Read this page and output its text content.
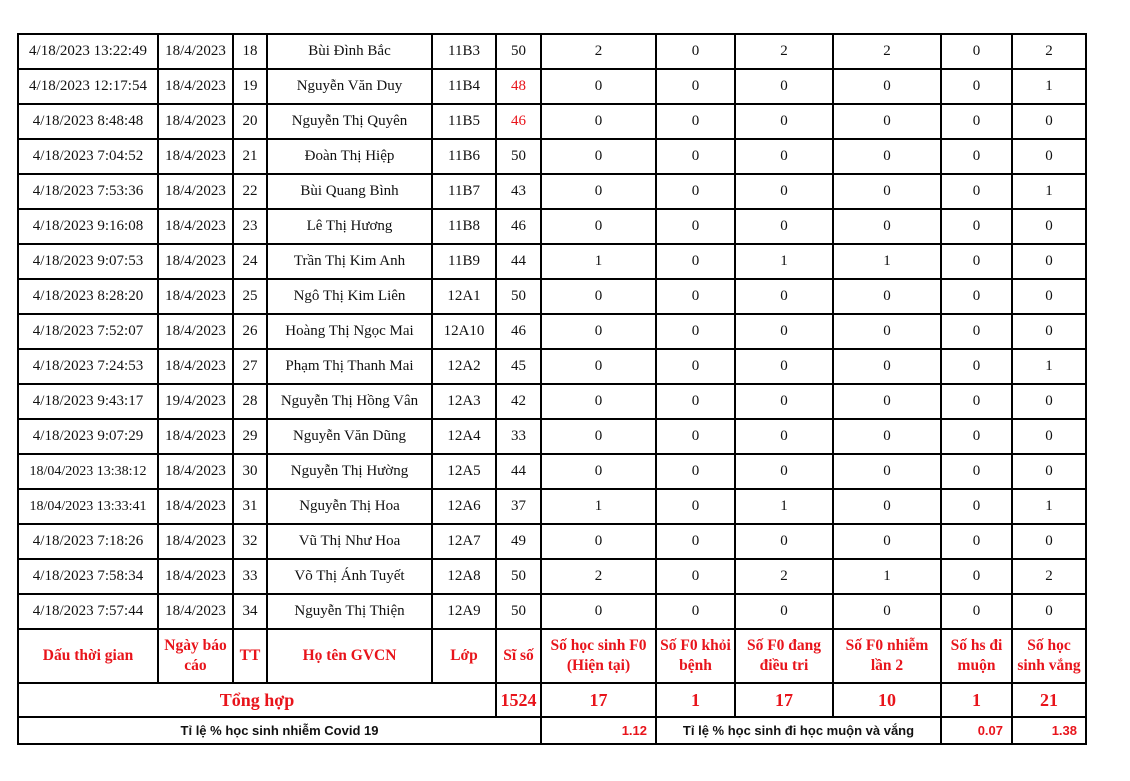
4/18/2023 13:22:49	18/4/2023	18	Bùi Đình Bắc	11B3	50	2	0	2	2	0	2
4/18/2023 12:17:54	18/4/2023	19	Nguyễn Văn Duy	11B4	48	0	0	0	0	0	1
4/18/2023 8:48:48	18/4/2023	20	Nguyễn Thị Quyên	11B5	46	0	0	0	0	0	0
4/18/2023 7:04:52	18/4/2023	21	Đoàn Thị Hiệp	11B6	50	0	0	0	0	0	0
4/18/2023 7:53:36	18/4/2023	22	Bùi Quang Bình	11B7	43	0	0	0	0	0	1
4/18/2023 9:16:08	18/4/2023	23	Lê Thị Hương	11B8	46	0	0	0	0	0	0
4/18/2023 9:07:53	18/4/2023	24	Trần Thị Kim Anh	11B9	44	1	0	1	1	0	0
4/18/2023 8:28:20	18/4/2023	25	Ngô Thị Kim Liên	12A1	50	0	0	0	0	0	0
4/18/2023 7:52:07	18/4/2023	26	Hoàng Thị Ngọc Mai	12A10	46	0	0	0	0	0	0
4/18/2023 7:24:53	18/4/2023	27	Phạm Thị Thanh Mai	12A2	45	0	0	0	0	0	1
4/18/2023 9:43:17	19/4/2023	28	Nguyễn Thị Hồng Vân	12A3	42	0	0	0	0	0	0
4/18/2023 9:07:29	18/4/2023	29	Nguyễn Văn Dũng	12A4	33	0	0	0	0	0	0
18/04/2023 13:38:12	18/4/2023	30	Nguyễn Thị Hường	12A5	44	0	0	0	0	0	0
18/04/2023 13:33:41	18/4/2023	31	Nguyễn Thị Hoa	12A6	37	1	0	1	0	0	1
4/18/2023 7:18:26	18/4/2023	32	Vũ Thị Như Hoa	12A7	49	0	0	0	0	0	0
4/18/2023 7:58:34	18/4/2023	33	Võ Thị Ánh Tuyết	12A8	50	2	0	2	1	0	2
4/18/2023 7:57:44	18/4/2023	34	Nguyễn Thị Thiện	12A9	50	0	0	0	0	0	0
Dấu thời gian	Ngày báo cáo	TT	Họ tên GVCN	Lớp	Sĩ số	Số học sinh F0 (Hiện tại)	Số F0 khỏi bệnh	Số F0 đang điều tri	Số F0 nhiễm lần 2	Số hs đi muộn	Số học sinh vắng
Tổng hợp					1524	17	1	17	10	1	21
Tỉ lệ % học sinh nhiễm Covid 19						1.12	Tỉ lệ % học sinh đi học muộn và vắng			0.07	1.38
